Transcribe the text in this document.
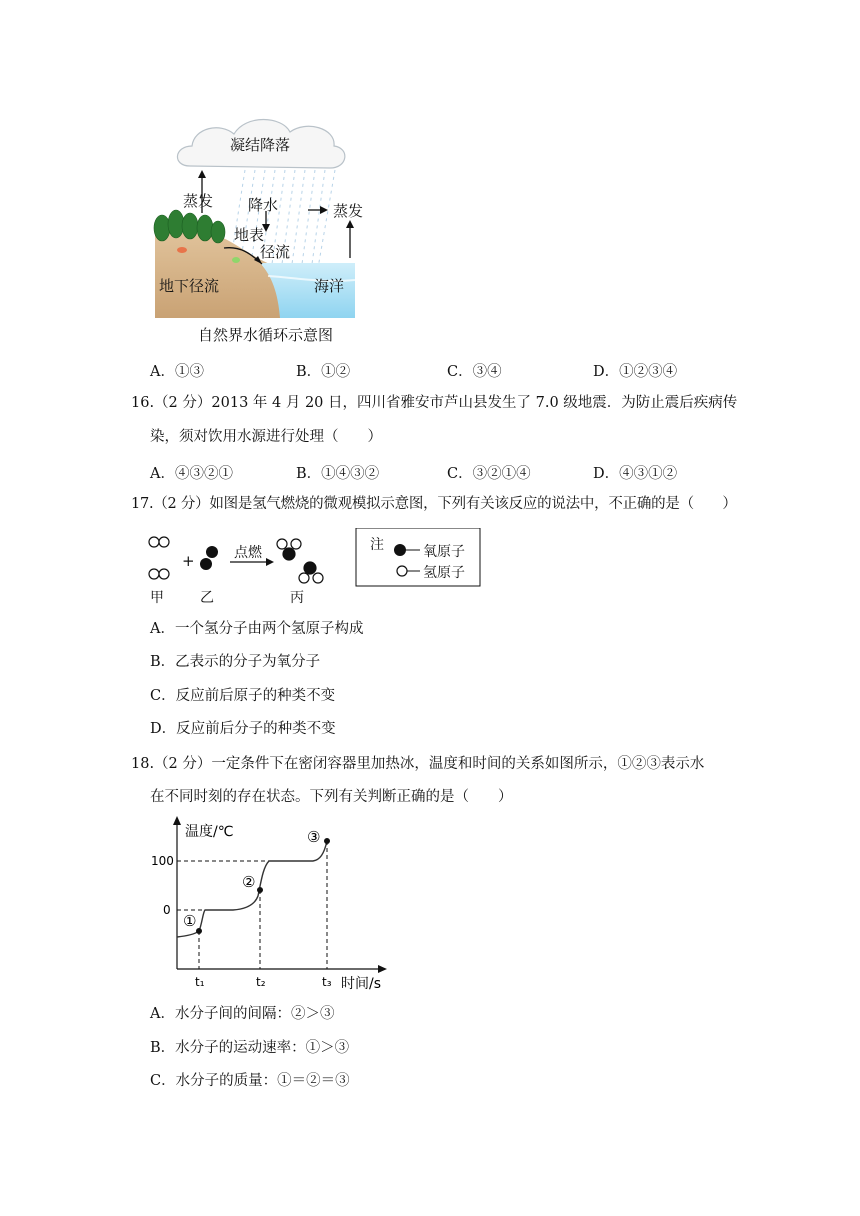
凝结降落
蒸发 降水
地表
径流
蒸发
地下径流	海洋
自然界水循环示意图
A．①③	B．①②	C．③④	D．①②③④
16.（2 分）2013 年 4 月 20 日，四川省雅安市芦山县发生了 7.0 级地震．为防止震后疾病传
染，须对饮用水源进行处理（　　）
A．④③②①	B．①④③②	C．③②①④	D．④③①②
17.（2 分）如图是氢气燃烧的微观模拟示意图，下列有关该反应的说法中，不正确的是（　　）
+	点燃
甲	乙	丙
注	氧原子
氢原子
A．一个氢分子由两个氢原子构成
B．乙表示的分子为氧分子
C．反应前后原子的种类不变
D．反应前后分子的种类不变
18.（2 分）一定条件下在密闭容器里加热冰，温度和时间的关系如图所示，①②③表示水
在不同时刻的存在状态。下列有关判断正确的是（　　）
①
②
③
100
0
t₁	t₂	t₃
温度/℃
时间/s
A．水分子间的间隔：②＞③
B．水分子的运动速率：①＞③
C．水分子的质量：①＝②＝③
